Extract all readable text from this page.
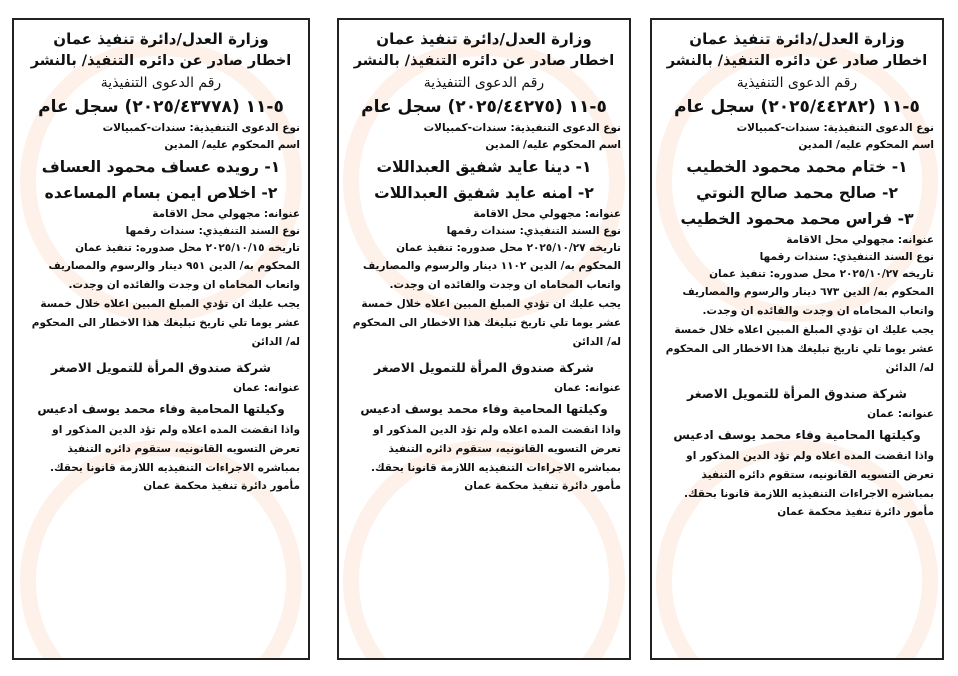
وزارة العدل/دائرة تنفيذ عمان
اخطار صادر عن دائره التنفيذ/ بالنشر
رقم الدعوى التنفيذية
٥-١١ (٢٠٢٥/٤٤٢٨٢) سجل عام
نوع الدعوى التنفيذية: سندات-كمبيالات
اسم المحكوم عليه/ المدين
١- ختام محمد محمود الخطيب
٢- صالح محمد صالح النوتي
٣- فراس محمد محمود الخطيب
عنوانه: مجهولي محل الاقامة
نوع السند التنفيذي: سندات رقمها
تاريخه ٢٠٢٥/١٠/٢٧ محل صدوره: تنفيذ عمان
المحكوم به/ الدين ٦٧٣ دينار والرسوم والمصاريف
واتعاب المحاماه ان وجدت والفائده ان وجدت.
يجب عليك ان تؤدي المبلغ المبين اعلاه خلال خمسة عشر يوما تلي تاريخ تبليغك هذا الاخطار الى المحكوم له/ الدائن
شركة صندوق المرأة للتمويل الاصغر
عنوانه: عمان
وكيلتها المحامية وفاء محمد يوسف ادعيس
واذا انقضت المده اعلاه ولم تؤد الدين المذكور او تعرض التسويه القانونيه، ستقوم دائره التنفيذ بمباشره الاجراءات التنفيذيه اللازمة قانونا بحقك.
مأمور دائرة تنفيذ محكمة عمان
وزارة العدل/دائرة تنفيذ عمان
اخطار صادر عن دائره التنفيذ/ بالنشر
رقم الدعوى التنفيذية
٥-١١ (٢٠٢٥/٤٤٢٧٥) سجل عام
نوع الدعوى التنفيذية: سندات-كمبيالات
اسم المحكوم عليه/ المدين
١- دينا عايد شفيق العبداللات
٢- امنه عايد شفيق العبداللات
عنوانه: مجهولي محل الاقامة
نوع السند التنفيذي: سندات رقمها
تاريخه ٢٠٢٥/١٠/٢٧ محل صدوره: تنفيذ عمان
المحكوم به/ الدين ١١٠٢ دينار والرسوم والمصاريف
واتعاب المحاماه ان وجدت والفائده ان وجدت.
يجب عليك ان تؤدي المبلغ المبين اعلاه خلال خمسة عشر يوما تلي تاريخ تبليغك هذا الاخطار الى المحكوم له/ الدائن
شركة صندوق المرأة للتمويل الاصغر
عنوانه: عمان
وكيلتها المحامية وفاء محمد يوسف ادعيس
واذا انقضت المده اعلاه ولم تؤد الدين المذكور او تعرض التسويه القانونيه، ستقوم دائره التنفيذ بمباشره الاجراءات التنفيذيه اللازمة قانونا بحقك.
مأمور دائرة تنفيذ محكمة عمان
وزارة العدل/دائرة تنفيذ عمان
اخطار صادر عن دائره التنفيذ/ بالنشر
رقم الدعوى التنفيذية
٥-١١ (٢٠٢٥/٤٣٧٧٨) سجل عام
نوع الدعوى التنفيذية: سندات-كمبيالات
اسم المحكوم عليه/ المدين
١- رويده عساف محمود العساف
٢- اخلاص ايمن بسام المساعده
عنوانه: مجهولي محل الاقامة
نوع السند التنفيذي: سندات رقمها
تاريخه ٢٠٢٥/١٠/١٥ محل صدوره: تنفيذ عمان
المحكوم به/ الدين ٩٥١ دينار والرسوم والمصاريف
واتعاب المحاماه ان وجدت والفائده ان وجدت.
يجب عليك ان تؤدي المبلغ المبين اعلاه خلال خمسة عشر يوما تلي تاريخ تبليغك هذا الاخطار الى المحكوم له/ الدائن
شركة صندوق المرأة للتمويل الاصغر
عنوانه: عمان
وكيلتها المحامية وفاء محمد يوسف ادعيس
واذا انقضت المده اعلاه ولم تؤد الدين المذكور او تعرض التسويه القانونيه، ستقوم دائره التنفيذ بمباشره الاجراءات التنفيذيه اللازمة قانونا بحقك.
مأمور دائرة تنفيذ محكمة عمان
